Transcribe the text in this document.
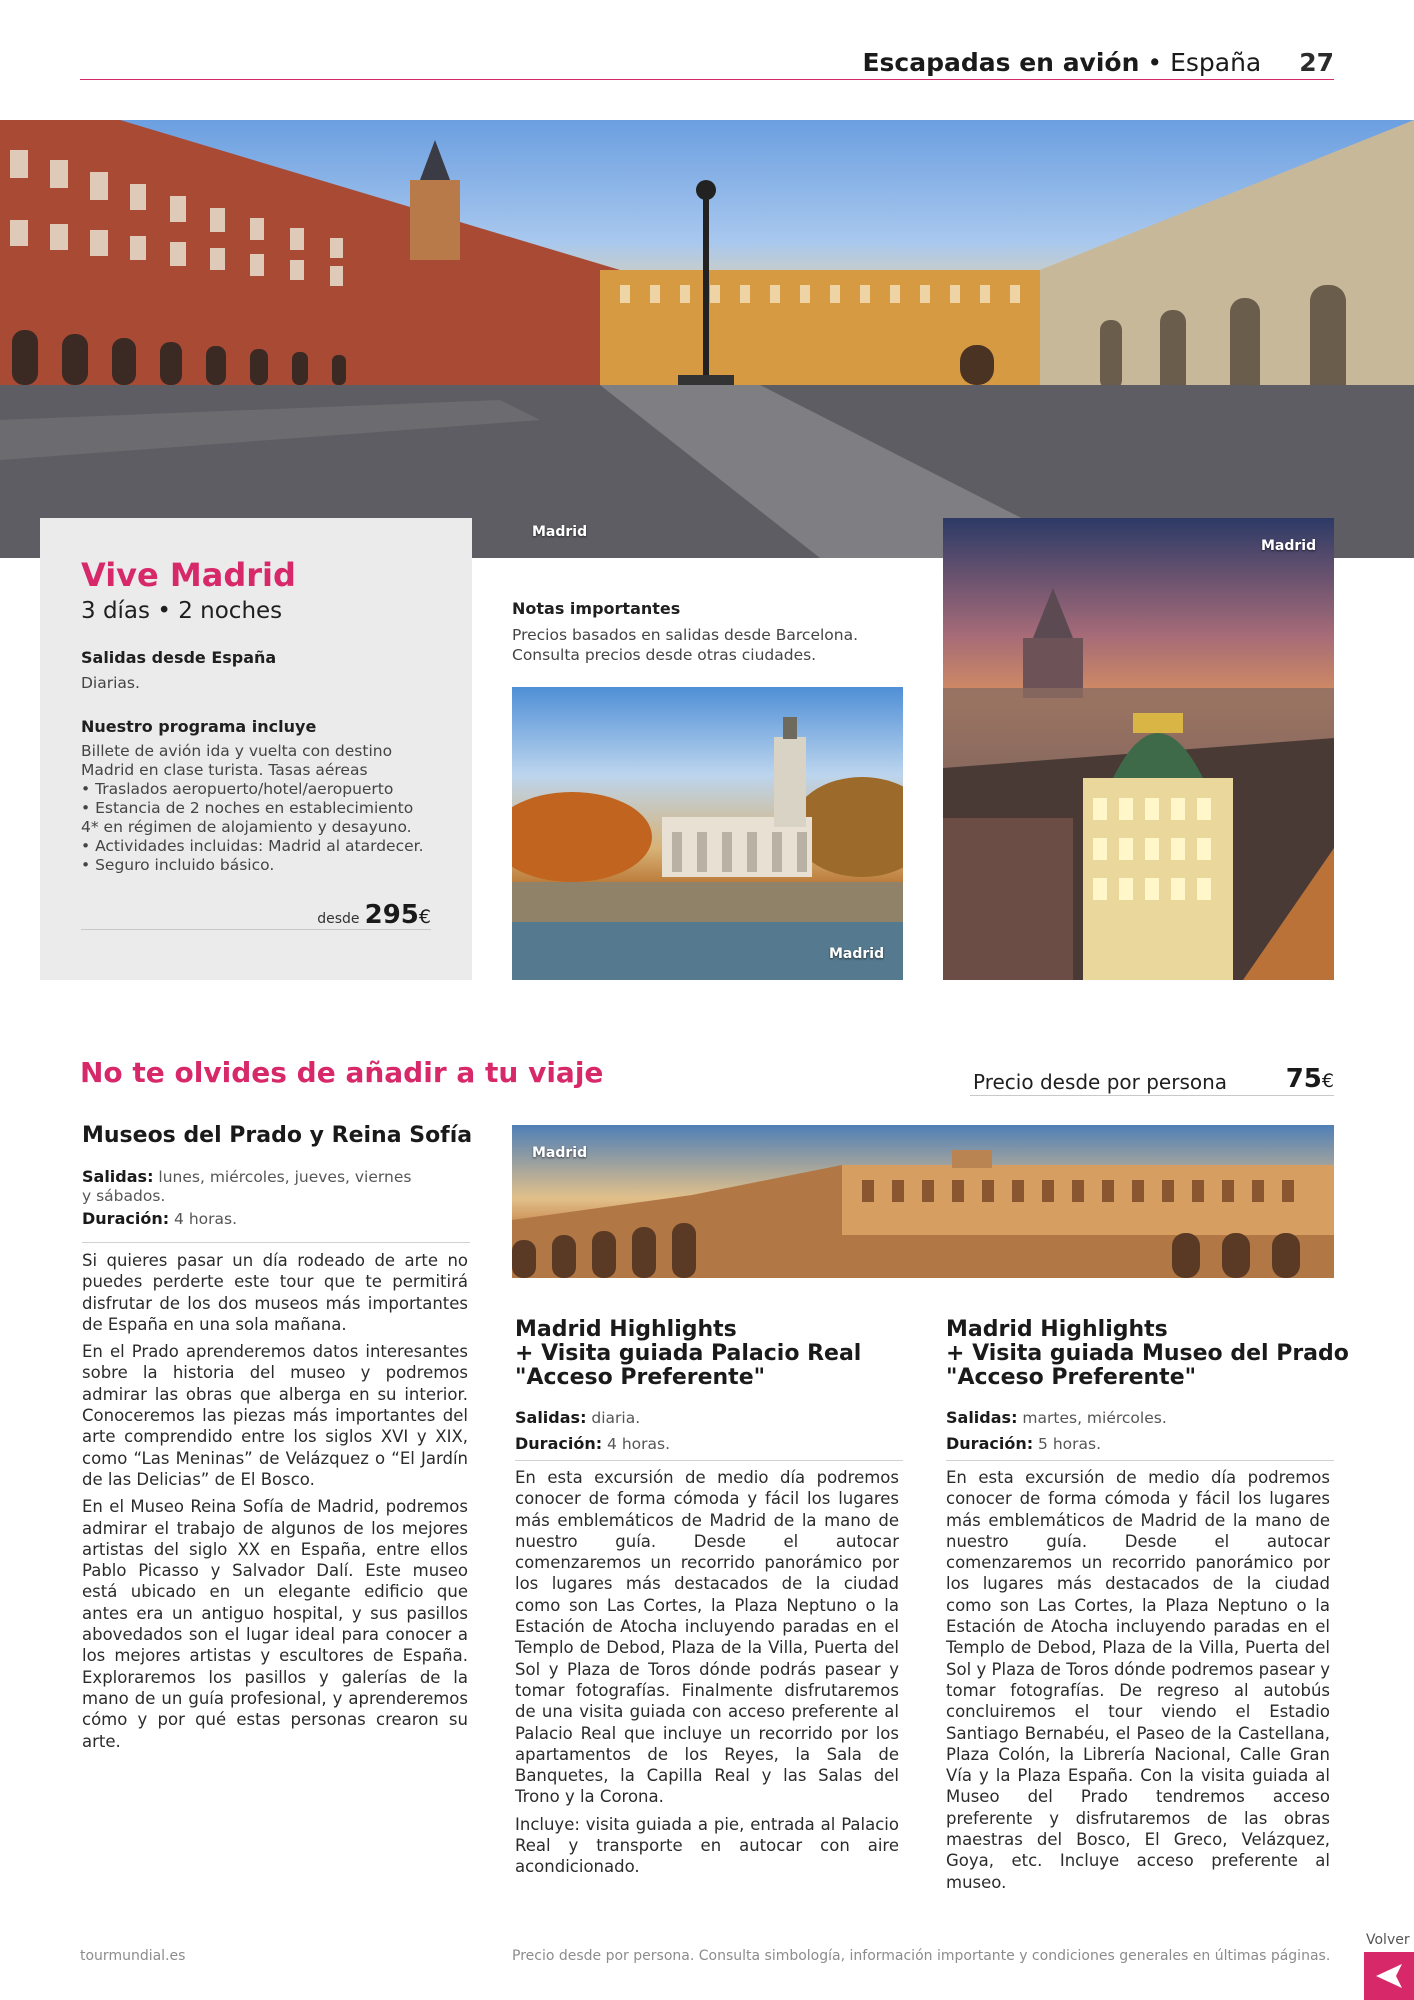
Escapadas en avión • España 27
Madrid
Vive Madrid
3 días • 2 noches
Salidas desde España
Diarias.
Nuestro programa incluye
Billete de avión ida y vuelta con destino
Madrid en clase turista. Tasas aéreas
• Traslados aeropuerto/hotel/aeropuerto
• Estancia de 2 noches en establecimiento
4* en régimen de alojamiento y desayuno.
• Actividades incluidas: Madrid al atardecer.
• Seguro incluido básico.
desde 295€
Notas importantes
Precios basados en salidas desde Barcelona.
Consulta precios desde otras ciudades.
Madrid
Madrid
No te olvides de añadir a tu viaje	Precio desde por persona 75€
Madrid
Museos del Prado y Reina Sofía
Salidas: lunes, miércoles, jueves, viernes
y sábados.
Duración: 4 horas.

Si quieres pasar un día rodeado de arte no puedes perderte este tour que te permitirá disfrutar de los dos museos más importantes de España en una sola mañana.

En el Prado aprenderemos datos interesantes sobre la historia del museo y podremos admirar las obras que alberga en su interior. Conoceremos las piezas más importantes del arte comprendido entre los siglos XVI y XIX, como “Las Meninas” de Velázquez o “El Jardín de las Delicias” de El Bosco.

En el Museo Reina Sofía de Madrid, podremos admirar el trabajo de algunos de los mejores artistas del siglo XX en España, entre ellos Pablo Picasso y Salvador Dalí. Este museo está ubicado en un elegante edificio que antes era un antiguo hospital, y sus pasillos abovedados son el lugar ideal para conocer a los mejores artistas y escultores de España. Exploraremos los pasillos y galerías de la mano de un guía profesional, y aprenderemos cómo y por qué estas personas crearon su arte.

Madrid Highlights
+ Visita guiada Palacio Real
"Acceso Preferente"
Salidas: diaria.
Duración: 4 horas.

En esta excursión de medio día podremos conocer de forma cómoda y fácil los lugares más emblemáticos de Madrid de la mano de nuestro guía. Desde el autocar comenzaremos un recorrido panorámico por los lugares más destacados de la ciudad como son Las Cortes, la Plaza Neptuno o la Estación de Atocha incluyendo paradas en el Templo de Debod, Plaza de la Villa, Puerta del Sol y Plaza de Toros dónde podrás pasear y tomar fotografías. Finalmente disfrutaremos de una visita guiada con acceso preferente al Palacio Real que incluye un recorrido por los apartamentos de los Reyes, la Sala de Banquetes, la Capilla Real y las Salas del Trono y la Corona.

Incluye: visita guiada a pie, entrada al Palacio Real y transporte en autocar con aire acondicionado.

Madrid Highlights
+ Visita guiada Museo del Prado
"Acceso Preferente"
Salidas: martes, miércoles.
Duración: 5 horas.

En esta excursión de medio día podremos conocer de forma cómoda y fácil los lugares más emblemáticos de Madrid de la mano de nuestro guía. Desde el autocar comenzaremos un recorrido panorámico por los lugares más destacados de la ciudad como son Las Cortes, la Plaza Neptuno o la Estación de Atocha incluyendo paradas en el Templo de Debod, Plaza de la Villa, Puerta del Sol y Plaza de Toros dónde podremos pasear y tomar fotografías. De regreso al autobús concluiremos el tour viendo el Estadio Santiago Bernabéu, el Paseo de la Castellana, Plaza Colón, la Librería Nacional, Calle Gran Vía y la Plaza España. Con la visita guiada al Museo del Prado tendremos acceso preferente y disfrutaremos de las obras maestras del Bosco, El Greco, Velázquez, Goya, etc. Incluye acceso preferente al museo.

tourmundial.es	Precio desde por persona. Consulta simbología, información importante y condiciones generales en últimas páginas.
Volver
